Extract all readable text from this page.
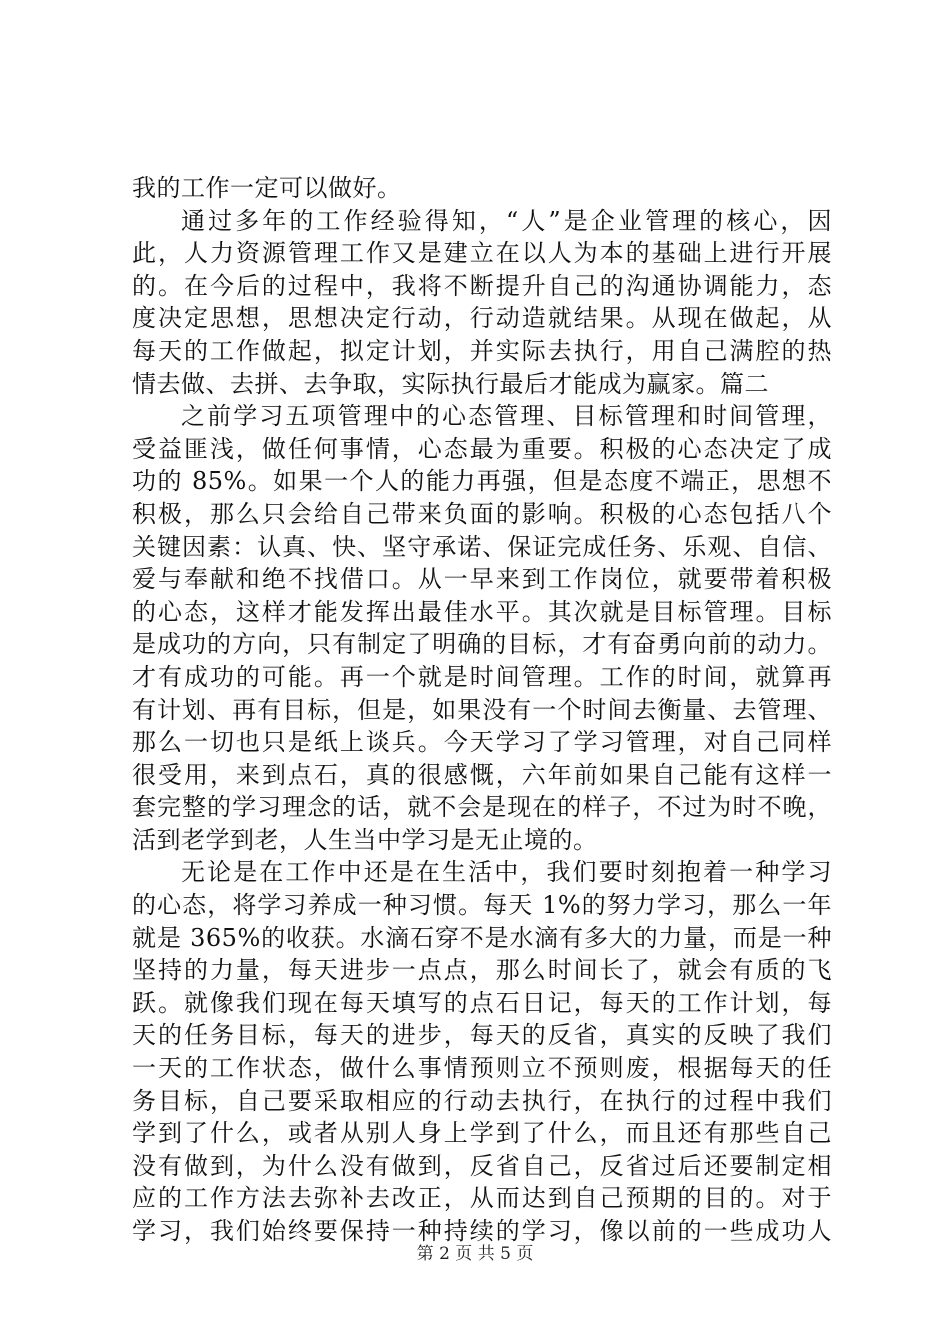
我的工作一定可以做好。
通过多年的工作经验得知，“人”是企业管理的核心，因
此，人力资源管理工作又是建立在以人为本的基础上进行开展
的。在今后的过程中，我将不断提升自己的沟通协调能力，态
度决定思想，思想决定行动，行动造就结果。从现在做起，从
每天的工作做起，拟定计划，并实际去执行，用自己满腔的热
情去做、去拼、去争取，实际执行最后才能成为赢家。篇二
之前学习五项管理中的心态管理、目标管理和时间管理，
受益匪浅，做任何事情，心态最为重要。积极的心态决定了成
功的 85%。如果一个人的能力再强，但是态度不端正，思想不
积极，那么只会给自己带来负面的影响。积极的心态包括八个
关键因素：认真、快、坚守承诺、保证完成任务、乐观、自信、
爱与奉献和绝不找借口。从一早来到工作岗位，就要带着积极
的心态，这样才能发挥出最佳水平。其次就是目标管理。目标
是成功的方向，只有制定了明确的目标，才有奋勇向前的动力。
才有成功的可能。再一个就是时间管理。工作的时间，就算再
有计划、再有目标，但是，如果没有一个时间去衡量、去管理、
那么一切也只是纸上谈兵。今天学习了学习管理，对自己同样
很受用，来到点石，真的很感慨，六年前如果自己能有这样一
套完整的学习理念的话，就不会是现在的样子，不过为时不晚，
活到老学到老，人生当中学习是无止境的。
无论是在工作中还是在生活中，我们要时刻抱着一种学习
的心态，将学习养成一种习惯。每天 1%的努力学习，那么一年
就是 365%的收获。水滴石穿不是水滴有多大的力量，而是一种
坚持的力量，每天进步一点点，那么时间长了，就会有质的飞
跃。就像我们现在每天填写的点石日记，每天的工作计划，每
天的任务目标，每天的进步，每天的反省，真实的反映了我们
一天的工作状态，做什么事情预则立不预则废，根据每天的任
务目标，自己要采取相应的行动去执行，在执行的过程中我们
学到了什么，或者从别人身上学到了什么，而且还有那些自己
没有做到，为什么没有做到，反省自己，反省过后还要制定相
应的工作方法去弥补去改正，从而达到自己预期的目的。对于
学习，我们始终要保持一种持续的学习，像以前的一些成功人
第 2 页 共 5 页
